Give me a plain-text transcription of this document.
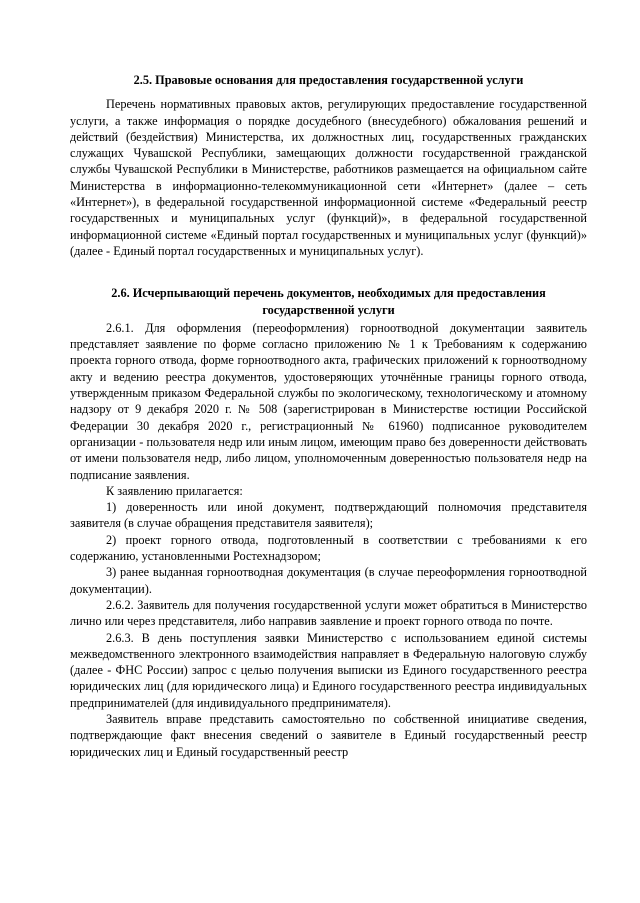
2.5. Правовые основания для предоставления государственной услуги

Перечень нормативных правовых актов, регулирующих предоставление государственной услуги, а также информация о порядке досудебного (внесудебного) обжалования решений и действий (бездействия) Министерства, их должностных лиц, государственных гражданских служащих Чувашской Республики, замещающих должности государственной гражданской службы Чувашской Республики в Министерстве, работников размещается на официальном сайте Министерства в информационно-телекоммуникационной сети «Интернет» (далее – сеть «Интернет»), в федеральной государственной информационной системе «Федеральный реестр государственных и муниципальных услуг (функций)», в федеральной государственной информационной системе «Единый портал государственных и муниципальных услуг (функций)» (далее - Единый портал государственных и муниципальных услуг).

2.6. Исчерпывающий перечень документов, необходимых для предоставления государственной услуги

2.6.1. Для оформления (переоформления) горноотводной документации заявитель представляет заявление по форме согласно приложению № 1 к Требованиям к содержанию проекта горного отвода, форме горноотводного акта, графических приложений к горноотводному акту и ведению реестра документов, удостоверяющих уточнённые границы горного отвода, утвержденным приказом Федеральной службы по экологическому, технологическому и атомному надзору от 9 декабря 2020 г. № 508 (зарегистрирован в Министерстве юстиции Российской Федерации 30 декабря 2020 г., регистрационный № 61960) подписанное руководителем организации - пользователя недр или иным лицом, имеющим право без доверенности действовать от имени пользователя недр, либо лицом, уполномоченным доверенностью пользователя недр на подписание заявления.

К заявлению прилагается:

1) доверенность или иной документ, подтверждающий полномочия представителя заявителя (в случае обращения представителя заявителя);

2) проект горного отвода, подготовленный в соответствии с требованиями к его содержанию, установленными Ростехнадзором;

3) ранее выданная горноотводная документация (в случае переоформления горноотводной документации).

2.6.2. Заявитель для получения государственной услуги может обратиться в Министерство лично или через представителя, либо направив заявление и проект горного отвода по почте.

2.6.3. В день поступления заявки Министерство с использованием единой системы межведомственного электронного взаимодействия направляет в Федеральную налоговую службу (далее - ФНС России) запрос с целью получения выписки из Единого государственного реестра юридических лиц (для юридического лица) и Единого государственного реестра индивидуальных предпринимателей (для индивидуального предпринимателя).

Заявитель вправе представить самостоятельно по собственной инициативе сведения, подтверждающие факт внесения сведений о заявителе в Единый государственный реестр юридических лиц и Единый государственный реестр
